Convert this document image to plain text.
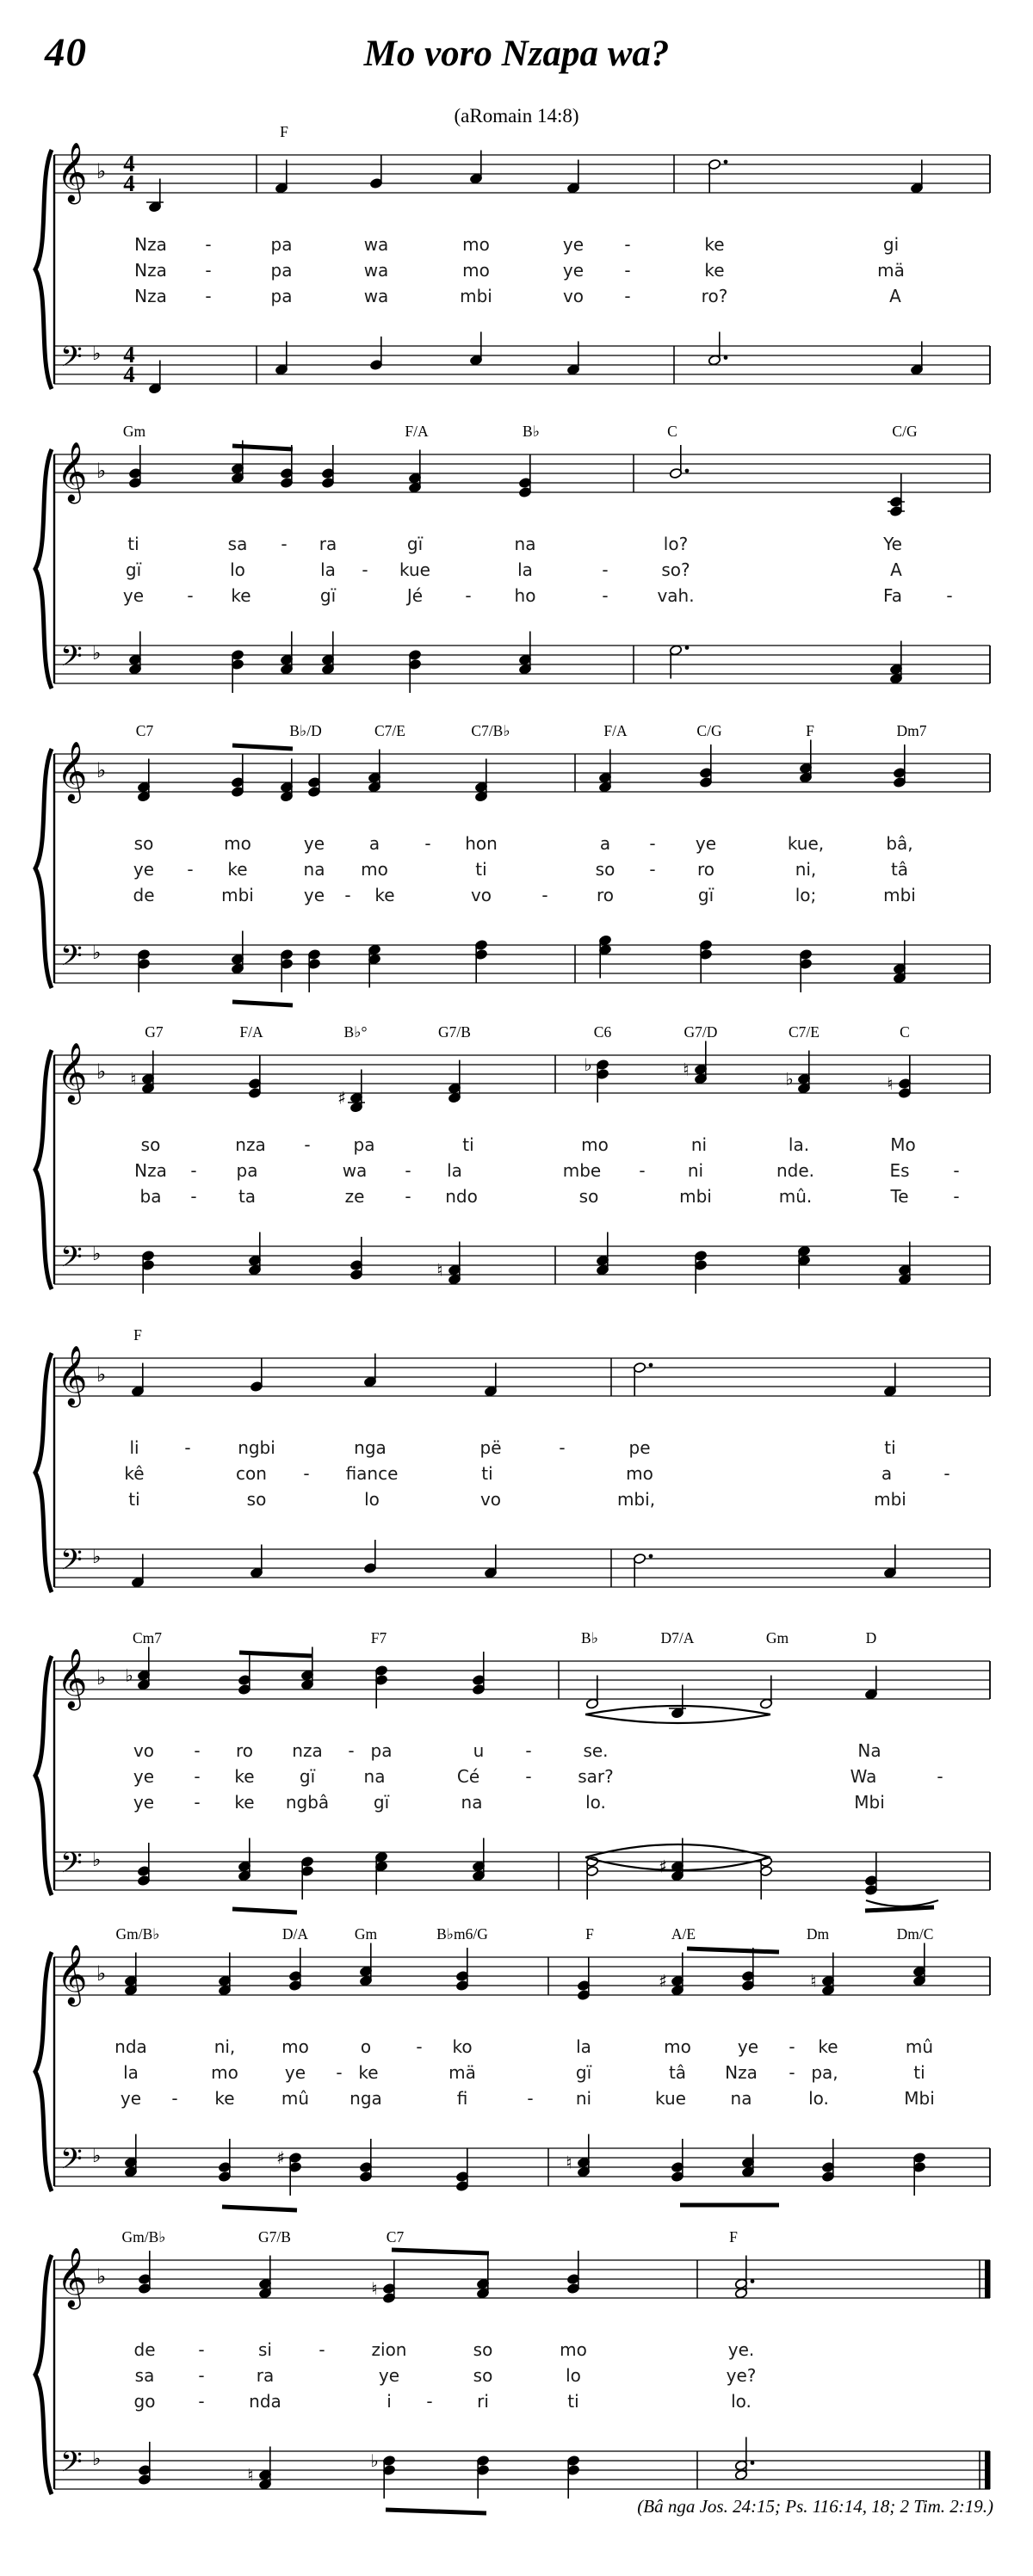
40	Mo voro Nzapa wa?
(aRomain 14:8)
𝄞
𝄢
♭
♭
4
4
4
4
F
Nza -	pa	wa	mo	ye -	ke	gi
Nza -	pa	wa	mo	ye -	ke	mä
Nza -	pa	wa	mbi	vo -	ro?	A
𝄞
𝄢
♭
♭
Gm	F/A	B♭	C	C/G
ti	sa - ra	gï	na	lo?	Ye
gï	lo	la - kue	la	-	so?	A
ye	- ke	gï	Jé - ho	-	vah.	Fa	-
𝄞
𝄢
♭
♭
C7	B♭/D	C7/E	C7/B♭	F/A	C/G	F	Dm7
so	mo	ye	a	- hon	a - ye	kue,	bâ,
ye - ke	na mo	ti	so - ro	ni,	tâ
de	mbi	ye - ke	vo	-	ro	gï	lo;	mbi
𝄞
𝄢
♭
♭
G7	F/A	B♭°	G7/B	C6	G7/D	C7/E	C
♮
♯
♭	♮	♭	♮
♮
so	nza - pa	ti	mo	ni	la.	Mo
Nza - pa	wa - la	mbe - ni	nde.	Es	-
ba - ta	ze - ndo	so	mbi	mû.	Te	-
𝄞
𝄢
♭
♭
F
li	-	ngbi	nga	pë	-	pe	ti
kê	con - fiance	ti	mo	a	-
ti	so	lo	vo	mbi,	mbi
𝄞
𝄢
♭
♭
Cm7	F7	B♭	D7/A	Gm	D
♭
♯
vo - ro nza - pa	u -	se.	Na
ye - ke	gï	na	Cé	-	sar?	Wa	-
ye - ke ngbâ	gï	na	lo.	Mbi
𝄞
𝄢
♭
♭
Gm/B♭	D/A	Gm	B♭m6/G	F	A/E	Dm	Dm/C
♯	♮
♯	♮
nda	ni,	mo	o	- ko	la	mo	ye - ke	mû
la	mo	ye - ke	mä	gï	tâ Nza - pa,	ti
ye - ke	mû nga	fi	- ni	kue	na	lo.	Mbi
𝄞
𝄢
♭
♭
Gm/B♭	G7/B	C7	F
♮
♮
♭
de -	si	-	zion	so	mo	ye.
sa	-	ra	ye	so	lo	ye?
go -	nda	i -	ri	ti	lo.
(Bâ nga Jos. 24:15; Ps. 116:14, 18; 2 Tim. 2:19.)
